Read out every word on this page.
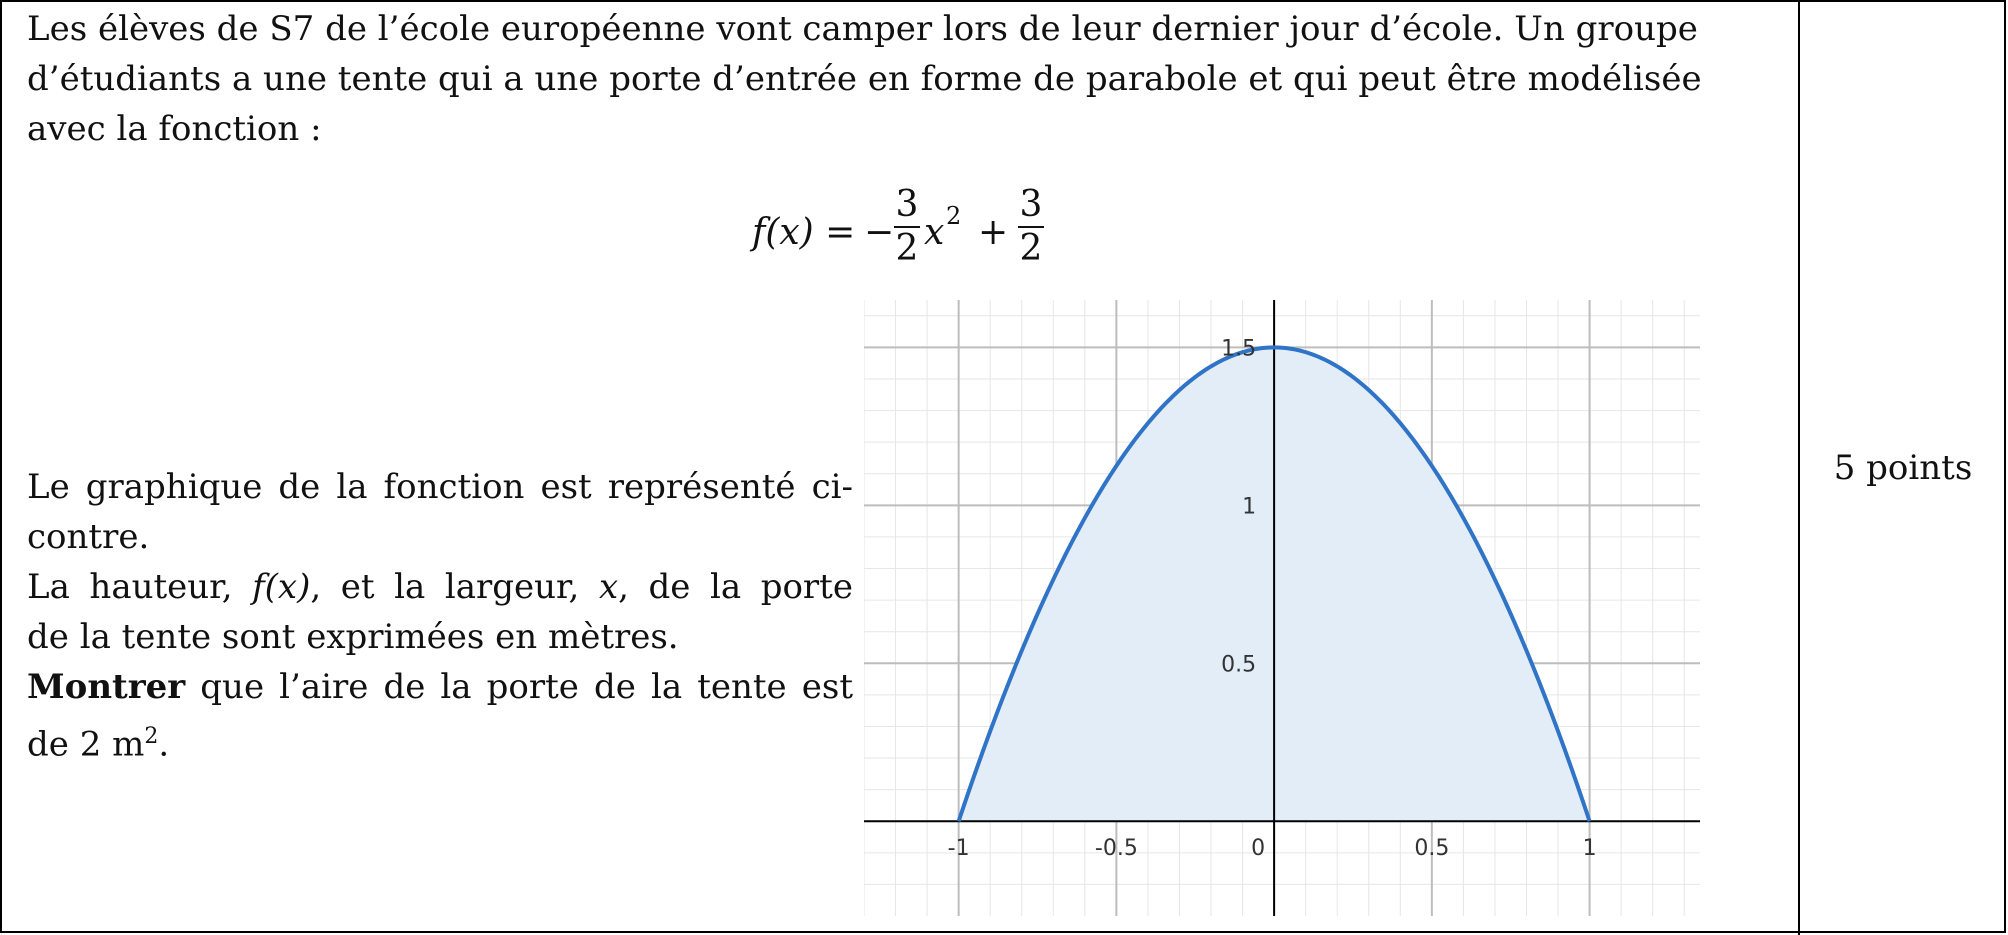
Les élèves de S7 de l’école européenne vont camper lors de leur dernier jour d’école. Un groupe
d’étudiants a une tente qui a une porte d’entrée en forme de parabole et qui peut être modélisée
avec la fonction :
f(x) = −
3
2 x 2 +
3
2

Le graphique de la fonction est représenté ci-

contre.

La hauteur, f(x), et la largeur, x, de la porte

de la tente sont exprimées en mètres.

Montrer que l’aire de la porte de la tente est

de 2 $m^2$.

5 points
-1	-0.5	0	0.5	1
0.5
1
1.5
